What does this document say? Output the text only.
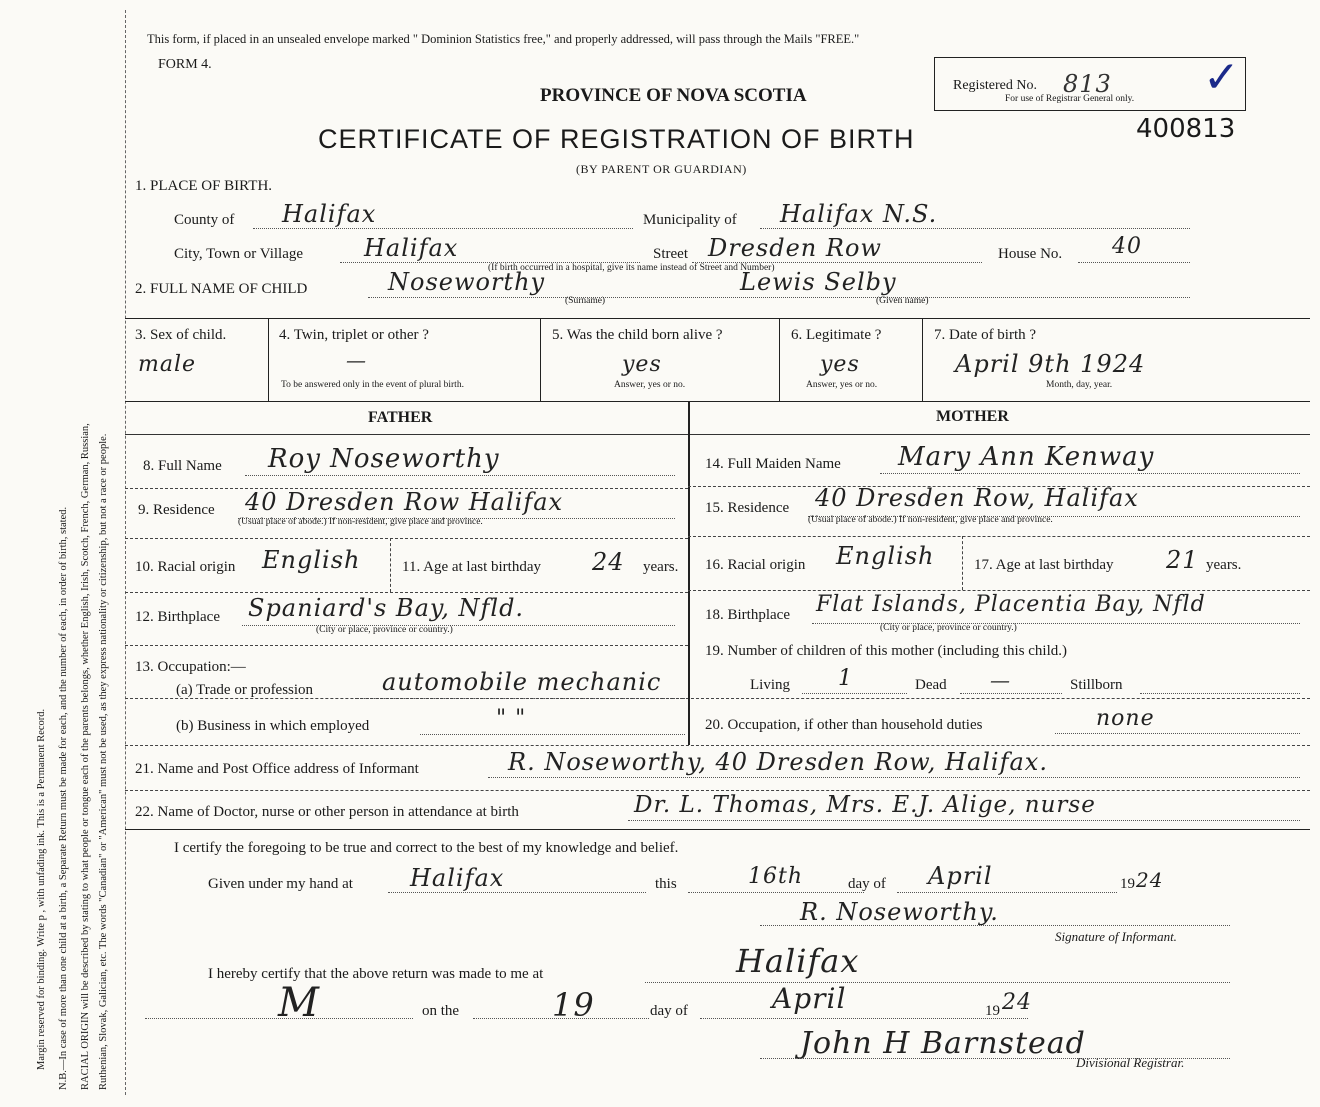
Margin reserved for binding. Write p , with unfading ink. This is a Permanent Record. N.B.—In case of more than one child at a birth, a Separate Return must be made for each, and the number of each, in order of birth, stated. RACIAL ORIGIN will be described by stating to what people or tongue each of the parents belongs, whether English, Irish, Scotch, French, German, Russian, Ruthenian, Slovak, Galician, etc. The words "Canadian" or "American" must not be used, as they express nationality or citizenship, but not a race or people.
This form, if placed in an unsealed envelope marked " Dominion Statistics free," and properly addressed, will pass through the Mails "FREE."
FORM 4.
PROVINCE OF NOVA SCOTIA
CERTIFICATE OF REGISTRATION OF BIRTH
(BY PARENT OR GUARDIAN)
Registered No. 813
For use of Registrar General only. ✓
400813
1. PLACE OF BIRTH.
County of Halifax	Municipality of Halifax N.S.
City, Town or Village	Halifax	Street Dresden Row	House No. 40
(If birth occurred in a hospital, give its name instead of Street and Number)
2. FULL NAME OF CHILD	Noseworthy	Lewis Selby
(Surname)	(Given name)
3. Sex of child.
male
4. Twin, triplet or other ?
—
To be answered only in the event of plural birth.
5. Was the child born alive ?
yes
Answer, yes or no.
6. Legitimate ?
yes
Answer, yes or no.
7. Date of birth ?
April 9th 1924
Month, day, year.
FATHER	MOTHER
8. Full Name Roy Noseworthy
9. Residence 40 Dresden Row Halifax
(Usual place of abode.) If non-resident, give place and province.
10. Racial origin English	11. Age at last birthday 24 years.
12. Birthplace Spaniard's Bay, Nfld.
(City or place, province or country.)
13. Occupation:—
(a) Trade or profession	automobile mechanic
(b) Business in which employed	" "
14. Full Maiden Name Mary Ann Kenway
15. Residence 40 Dresden Row, Halifax
(Usual place of abode.) If non-resident, give place and province.
16. Racial origin English	17. Age at last birthday 21 years.
18. Birthplace Flat Islands, Placentia Bay, Nfld
(City or place, province or country.)
19. Number of children of this mother (including this child.)
Living 1	Dead —	Stillborn
20. Occupation, if other than household duties	none
21. Name and Post Office address of Informant	R. Noseworthy, 40 Dresden Row, Halifax.
22. Name of Doctor, nurse or other person in attendance at birth	Dr. L. Thomas, Mrs. E.J. Alige, nurse
I certify the foregoing to be true and correct to the best of my knowledge and belief.
Given under my hand at Halifax	this	16th	day of April	19 24
R. Noseworthy.
Signature of Informant.
I hereby certify that the above return was made to me at	Halifax
M	on the	19	day of	April	19 24
John H Barnstead
Divisional Registrar.
